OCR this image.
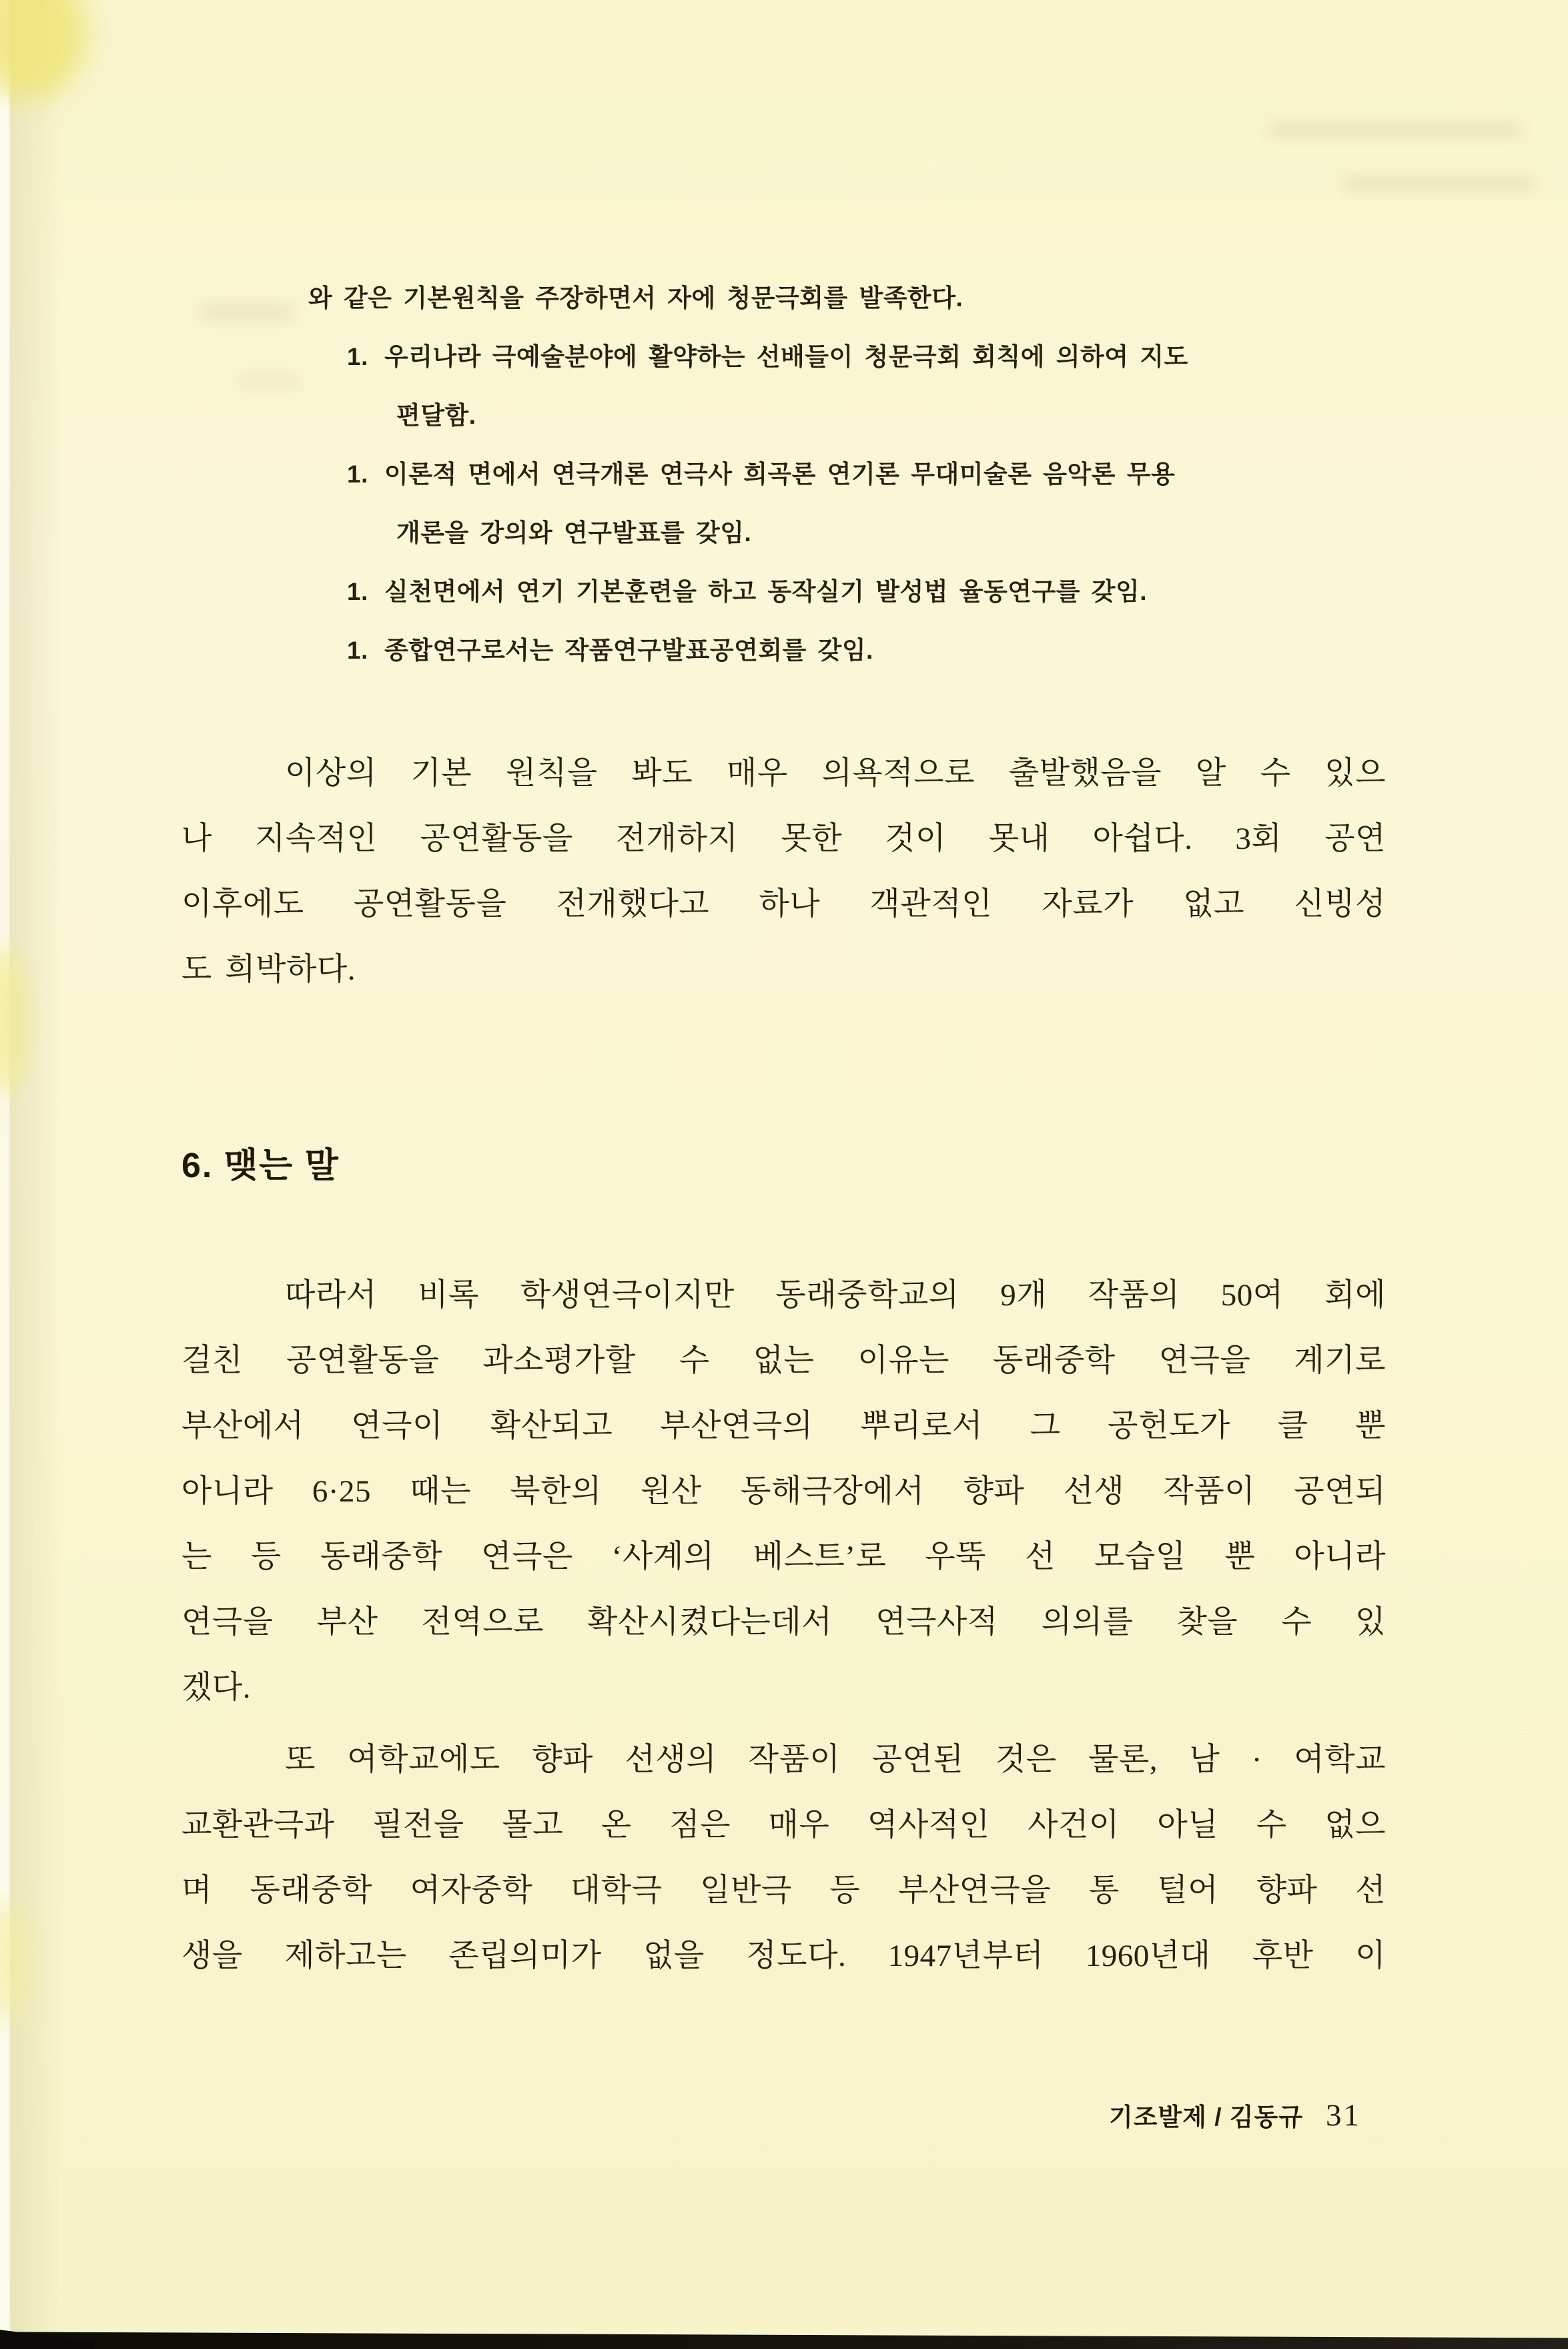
와 같은 기본원칙을 주장하면서 자에 청문극회를 발족한다.
1. 우리나라 극예술분야에 활약하는 선배들이 청문극회 회칙에 의하여 지도
편달함.
1. 이론적 면에서 연극개론 연극사 희곡론 연기론 무대미술론 음악론 무용
개론을 강의와 연구발표를 갖임.
1. 실천면에서 연기 기본훈련을 하고 동작실기 발성법 율동연구를 갖임.
1. 종합연구로서는 작품연구발표공연회를 갖임.
이상의 기본 원칙을 봐도 매우 의욕적으로 출발했음을 알 수 있으
나 지속적인 공연활동을 전개하지 못한 것이 못내 아쉽다. 3회 공연
이후에도 공연활동을 전개했다고 하나 객관적인 자료가 없고 신빙성
도 희박하다.
6. 맺는 말
따라서 비록 학생연극이지만 동래중학교의 9개 작품의 50여 회에
걸친 공연활동을 과소평가할 수 없는 이유는 동래중학 연극을 계기로
부산에서 연극이 확산되고 부산연극의 뿌리로서 그 공헌도가 클 뿐
아니라 6·25 때는 북한의 원산 동해극장에서 향파 선생 작품이 공연되
는 등 동래중학 연극은 ‘사계의 베스트’로 우뚝 선 모습일 뿐 아니라
연극을 부산 전역으로 확산시켰다는데서 연극사적 의의를 찾을 수 있
겠다.
또 여학교에도 향파 선생의 작품이 공연된 것은 물론, 남 · 여학교
교환관극과 필전을 몰고 온 점은 매우 역사적인 사건이 아닐 수 없으
며 동래중학 여자중학 대학극 일반극 등 부산연극을 통 털어 향파 선
생을 제하고는 존립의미가 없을 정도다. 1947년부터 1960년대 후반 이
기조발제 / 김동규 31
